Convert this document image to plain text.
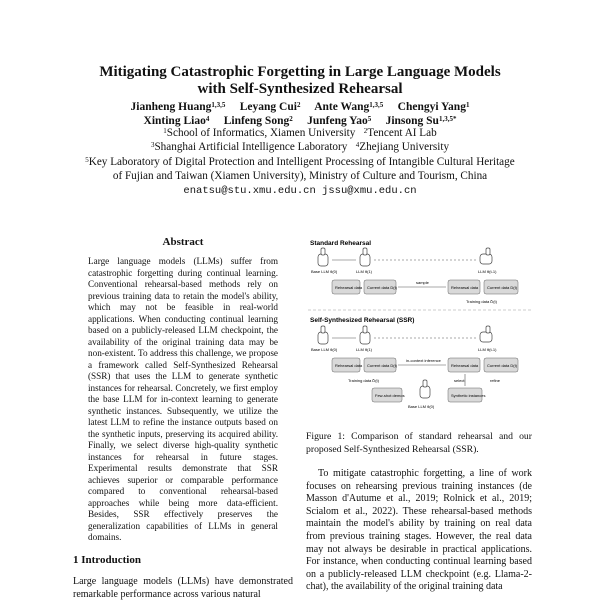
Mitigating Catastrophic Forgetting in Large Language Models
with Self-Synthesized Rehearsal
Jianheng Huang$^{1,3,5}$ Leyang Cui$^2$ Ante Wang$^{1,3,5}$ Chengyi Yang$^1$
Xinting Liao$^4$ Linfeng Song$^2$ Junfeng Yao$^5$ Jinsong $Su^{1,3,5*}$
$^1$School of Informatics, Xiamen University $^2$Tencent AI Lab
$^3$Shanghai Artificial Intelligence Laboratory $^4$Zhejiang University
$^5$Key Laboratory of Digital Protection and Intelligent Processing of Intangible Cultural Heritage
of Fujian and Taiwan (Xiamen University), Ministry of Culture and Tourism, China
enatsu@stu.xmu.edu.cn jssu@xmu.edu.cn
Abstract
Large language models (LLMs) suffer from catastrophic forgetting during continual learning. Conventional rehearsal-based methods rely on previous training data to retain the model's ability, which may not be feasible in real-world applications. When conducting continual learning based on a publicly-released LLM checkpoint, the availability of the original training data may be non-existent. To address this challenge, we propose a framework called Self-Synthesized Rehearsal (SSR) that uses the LLM to generate synthetic instances for rehearsal. Concretely, we first employ the base LLM for in-context learning to generate synthetic instances. Subsequently, we utilize the latest LLM to refine the instance outputs based on the synthetic inputs, preserving its acquired ability. Finally, we select diverse high-quality synthetic instances for rehearsal in future stages. Experimental results demonstrate that SSR achieves superior or comparable performance compared to conventional rehearsal-based approaches while being more data-efficient. Besides, SSR effectively preserves the generalization capabilities of LLMs in general domains.
1 Introduction
Large language models (LLMs) have demonstrated remarkable performance across various natural
Standard Rehearsal
Base LLM θ(0)	LLM θ(1)	LLM θ(t-1)
Rehearsal data Current data D(t)
sample
Rehearsal data Current data D(t)
Training data D̂(t)
Self-Synthesized Rehearsal (SSR)
Base LLM θ(0)	LLM θ(1)	LLM θ(t-1)
Rehearsal data Current data D(t)
in-context inference
Rehearsal data Current data D(t)
Training data D̂(t)
Few-shot demos
Base LLM θ(0)
Synthetic instances
select	refine
Figure 1: Comparison of standard rehearsal and our proposed Self-Synthesized Rehearsal (SSR).
To mitigate catastrophic forgetting, a line of work focuses on rehearsing previous training instances (de Masson d'Autume et al., 2019; Rolnick et al., 2019; Scialom et al., 2022). These rehearsal-based methods maintain the model's ability by training on real data from previous training stages. However, the real data may not always be desirable in practical applications. For instance, when conducting continual learning based on a publicly-released LLM checkpoint (e.g. Llama-2-chat), the availability of the original training data
